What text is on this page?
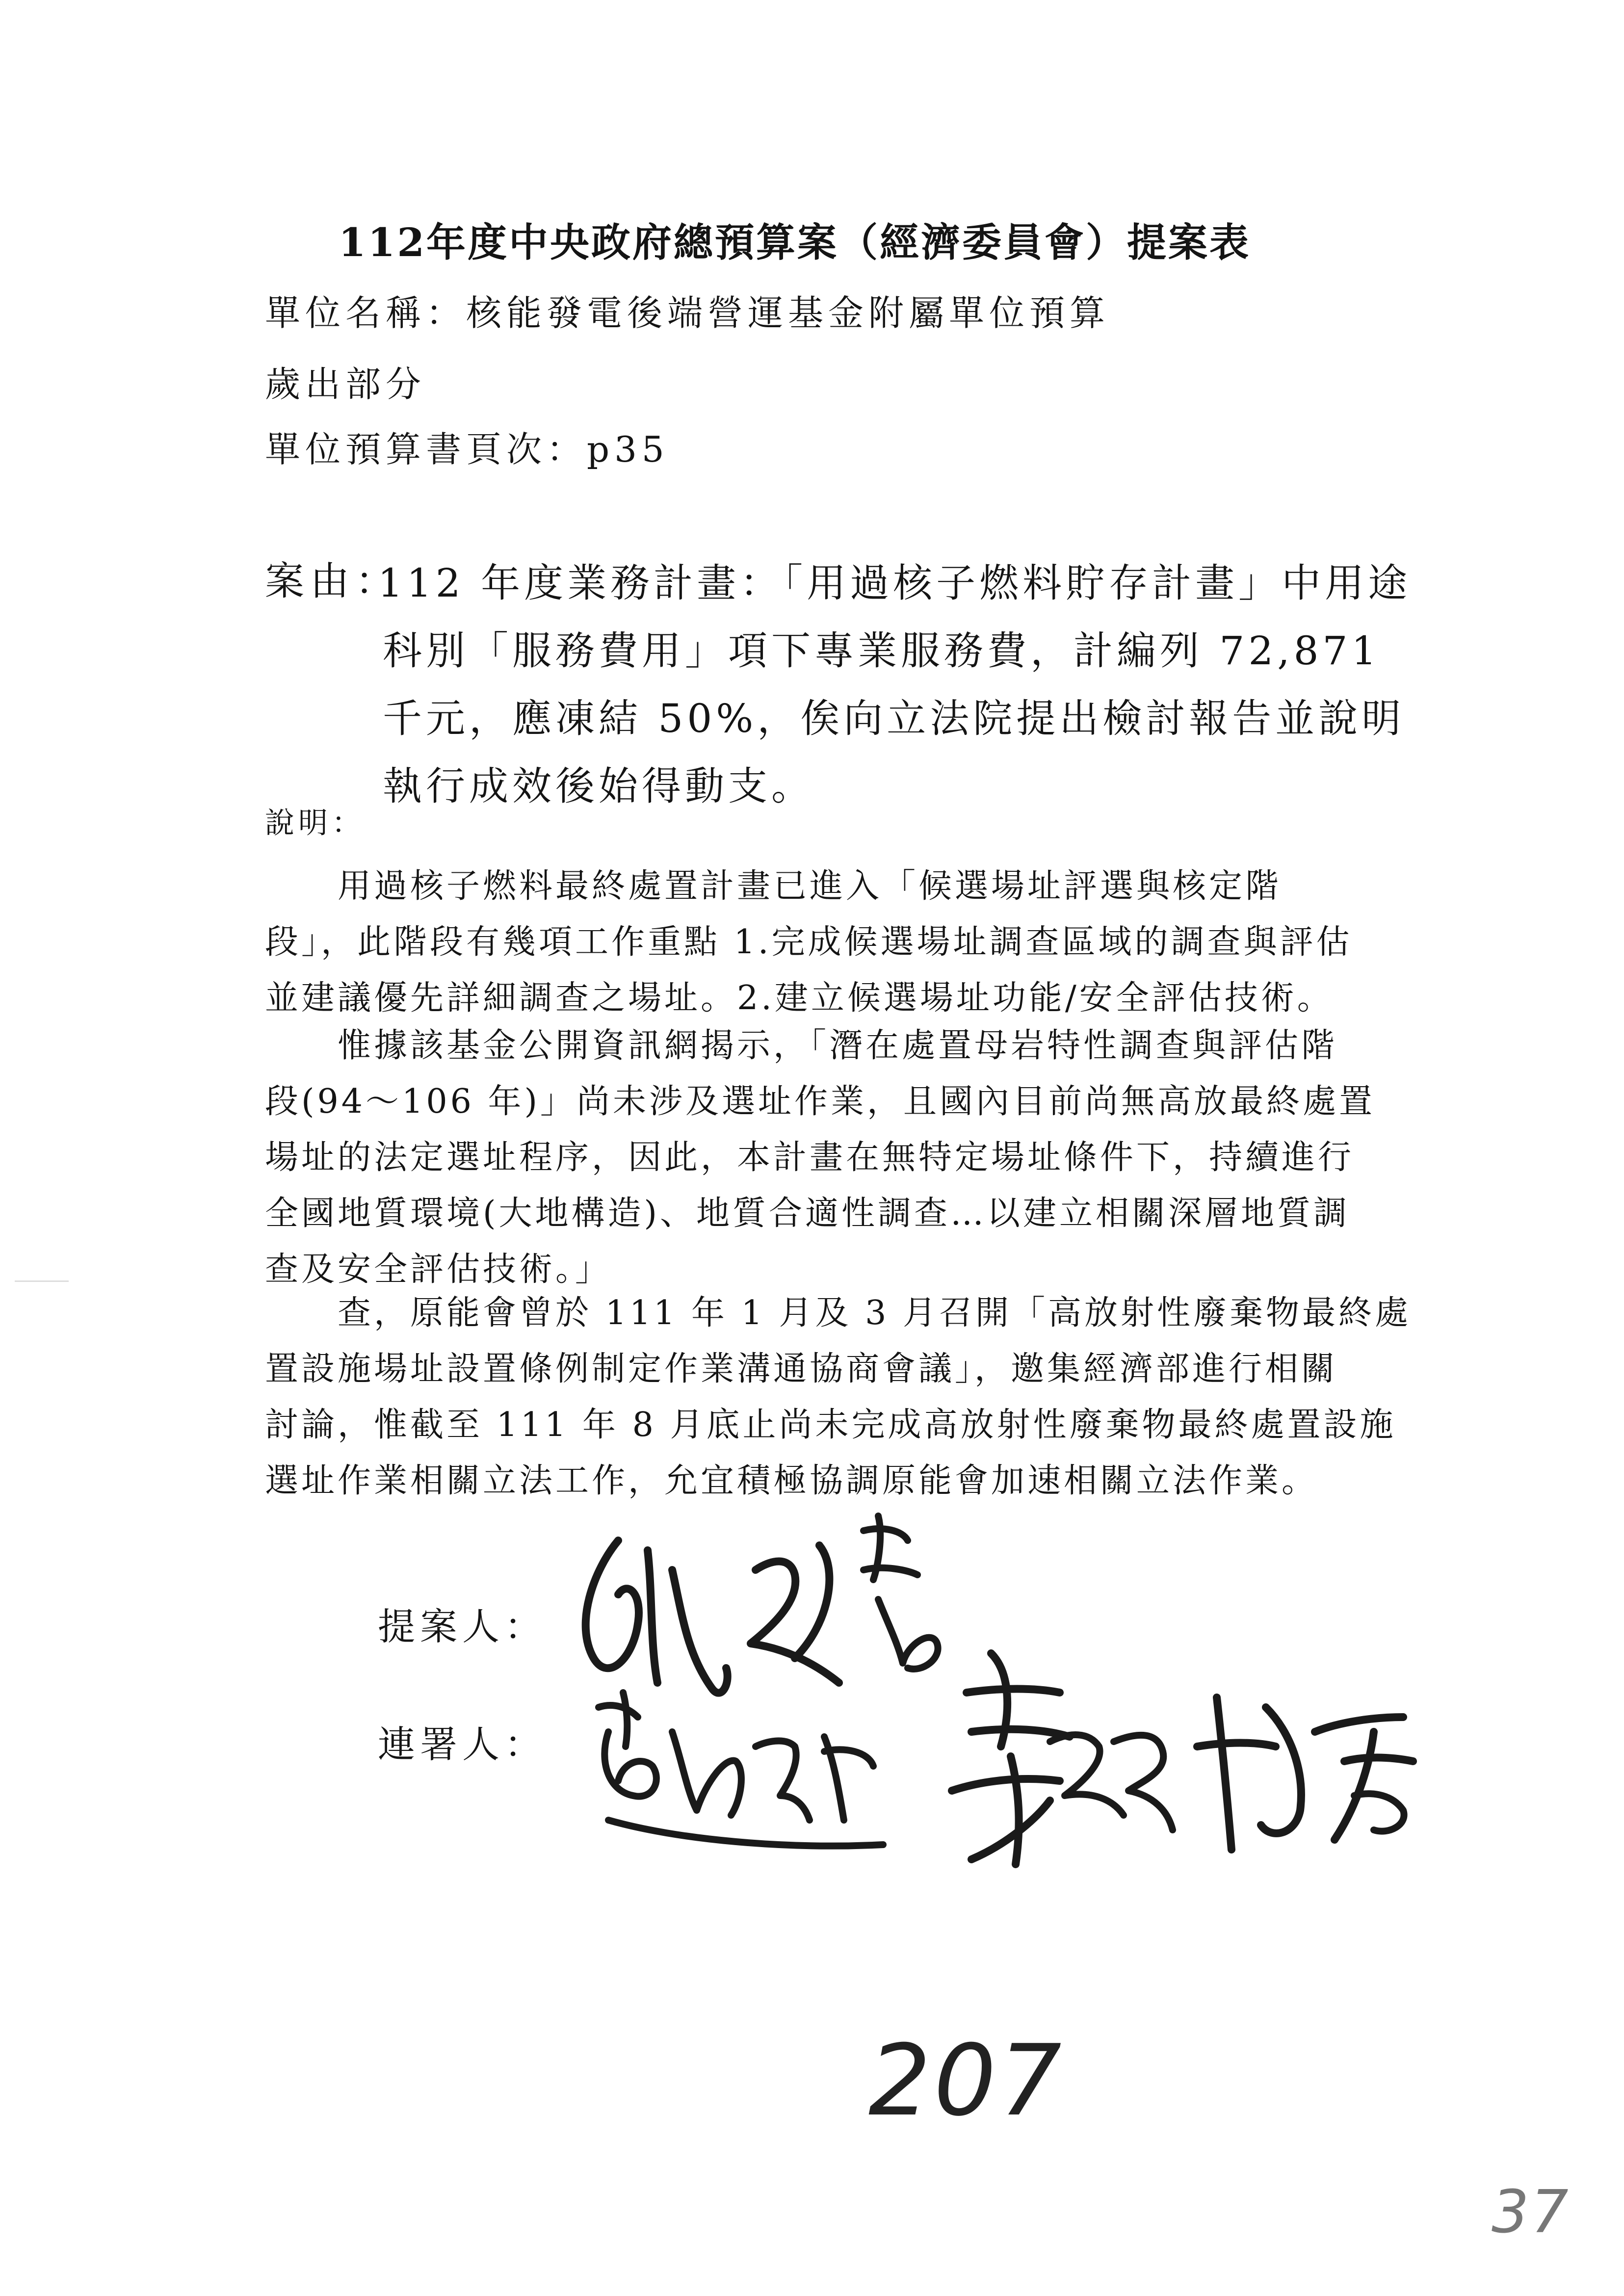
112年度中央政府總預算案（經濟委員會）提案表
單位名稱：核能發電後端營運基金附屬單位預算
歲出部分
單位預算書頁次：p35
案由：
112 年度業務計畫：「用過核子燃料貯存計畫」中用途
科別「服務費用」項下專業服務費，計編列 72,871
千元，應凍結 50%，俟向立法院提出檢討報告並說明
執行成效後始得動支。
說明：

　　用過核子燃料最終處置計畫已進入「候選場址評選與核定階

段」，此階段有幾項工作重點 1.完成候選場址調查區域的調查與評估

並建議優先詳細調查之場址。2.建立候選場址功能/安全評估技術。

　　惟據該基金公開資訊網揭示，「潛在處置母岩特性調查與評估階

段(94～106 年)」尚未涉及選址作業，且國內目前尚無高放最終處置

場址的法定選址程序，因此，本計畫在無特定場址條件下，持續進行

全國地質環境(大地構造)、地質合適性調查…以建立相關深層地質調

查及安全評估技術。」

　　查，原能會曾於 111 年 1 月及 3 月召開「高放射性廢棄物最終處

置設施場址設置條例制定作業溝通協商會議」，邀集經濟部進行相關

討論，惟截至 111 年 8 月底止尚未完成高放射性廢棄物最終處置設施

選址作業相關立法工作，允宜積極協調原能會加速相關立法作業。

提案人：
連署人：
207
37
